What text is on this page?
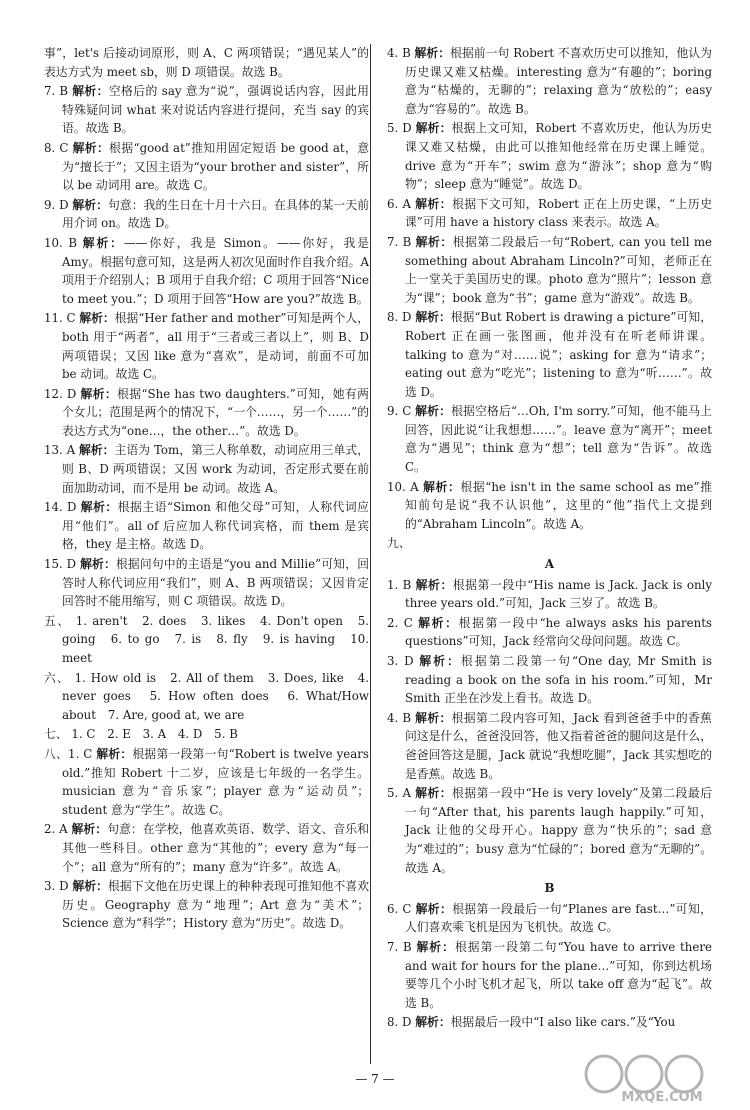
事”，let's 后接动词原形，则 A、C 两项错误；“遇见某人”的表达方式为 meet sb，则 D 项错误。故选 B。
7. B 解析：空格后的 say 意为“说”，强调说话内容，因此用特殊疑问词 what 来对说话内容进行提问，充当 say 的宾语。故选 B。
8. C 解析：根据“good at”推知用固定短语 be good at，意为“擅长于”；又因主语为“your brother and sister”，所以 be 动词用 are。故选 C。
9. D 解析：句意：我的生日在十月十六日。在具体的某一天前用介词 on。故选 D。
10. B 解析：——你好，我是 Simon。——你好，我是 Amy。根据句意可知，这是两人初次见面时作自我介绍。A 项用于介绍别人；B 项用于自我介绍；C 项用于回答“Nice to meet you.”；D 项用于回答“How are you?”故选 B。
11. C 解析：根据“Her father and mother”可知是两个人，both 用于“两者”，all 用于“三者或三者以上”，则 B、D 两项错误；又因 like 意为“喜欢”，是动词，前面不可加 be 动词。故选 C。
12. D 解析：根据“She has two daughters.”可知，她有两个女儿；范围是两个的情况下，“一个……，另一个……”的表达方式为“one…，the other…”。故选 D。
13. A 解析：主语为 Tom，第三人称单数，动词应用三单式，则 B、D 两项错误；又因 work 为动词，否定形式要在前面加助动词，而不是用 be 动词。故选 A。
14. D 解析：根据主语“Simon 和他父母”可知，人称代词应用“他们”。all of 后应加人称代词宾格，而 them 是宾格，they 是主格。故选 D。
15. D 解析：根据问句中的主语是“you and Millie”可知，回答时人称代词应用“我们”，则 A、B 两项错误；又因肯定回答时不能用缩写，则 C 项错误。故选 D。
五、 1. aren't　2. does　3. likes　4. Don't open　5. going　6. to go　7. is　8. fly　9. is having　10. meet
六、 1. How old is　2. All of them　3. Does, like　4. never goes　5. How often does　6. What/How about　7. Are, good at, we are
七、 1. C　2. E　3. A　4. D　5. B
八、1. C 解析：根据第一段第一句“Robert is twelve years old.”推知 Robert 十二岁，应该是七年级的一名学生。musician 意为“音乐家”；player 意为“运动员”；student 意为“学生”。故选 C。
2. A 解析：句意：在学校，他喜欢英语、数学、语文、音乐和其他一些科目。other 意为“其他的”；every 意为“每一个”；all 意为“所有的”；many 意为“许多”。故选 A。
3. D 解析：根据下文他在历史课上的种种表现可推知他不喜欢历史。Geography 意为“地理”；Art 意为“美术”；Science 意为“科学”；History 意为“历史”。故选 D。
4. B 解析：根据前一句 Robert 不喜欢历史可以推知，他认为历史课又难又枯燥。interesting 意为“有趣的”；boring 意为“枯燥的，无聊的”；relaxing 意为“放松的”；easy 意为“容易的”。故选 B。
5. D 解析：根据上文可知，Robert 不喜欢历史，他认为历史课又难又枯燥，由此可以推知他经常在历史课上睡觉。drive 意为“开车”；swim 意为“游泳”；shop 意为“购物”；sleep 意为“睡觉”。故选 D。
6. A 解析：根据下文可知，Robert 正在上历史课，“上历史课”可用 have a history class 来表示。故选 A。
7. B 解析：根据第二段最后一句“Robert, can you tell me something about Abraham Lincoln?”可知，老师正在上一堂关于美国历史的课。photo 意为“照片”；lesson 意为“课”；book 意为“书”；game 意为“游戏”。故选 B。
8. D 解析：根据“But Robert is drawing a picture”可知，Robert 正在画一张图画，他并没有在听老师讲课。talking to 意为“对……说”；asking for 意为“请求”；eating out 意为“吃光”；listening to 意为“听……”。故选 D。
9. C 解析：根据空格后“…Oh, I'm sorry.”可知，他不能马上回答，因此说“让我想想……”。leave 意为“离开”；meet 意为“遇见”；think 意为“想”；tell 意为“告诉”。故选 C。
10. A 解析：根据“he isn't in the same school as me”推知前句是说“我不认识他”，这里的“他”指代上文提到的“Abraham Lincoln”。故选 A。
九、
A
1. B 解析：根据第一段中“His name is Jack. Jack is only three years old.”可知，Jack 三岁了。故选 B。
2. C 解析：根据第一段中“he always asks his parents questions”可知，Jack 经常向父母问问题。故选 C。
3. D 解析：根据第二段第一句“One day, Mr Smith is reading a book on the sofa in his room.”可知，Mr Smith 正坐在沙发上看书。故选 D。
4. B 解析：根据第二段内容可知，Jack 看到爸爸手中的香蕉问这是什么，爸爸没回答，他又指着爸爸的腿问这是什么，爸爸回答这是腿，Jack 就说“我想吃腿”，Jack 其实想吃的是香蕉。故选 B。
5. A 解析：根据第一段中“He is very lovely”及第二段最后一句“After that, his parents laugh happily.”可知，Jack 让他的父母开心。happy 意为“快乐的”；sad 意为“难过的”；busy 意为“忙碌的”；bored 意为“无聊的”。故选 A。
B
6. C 解析：根据第一段最后一句“Planes are fast…”可知，人们喜欢乘飞机是因为飞机快。故选 C。
7. B 解析：根据第一段第二句“You have to arrive there and wait for hours for the plane…”可知，你到达机场要等几个小时飞机才起飞，所以 take off 意为“起飞”。故选 B。
8. D 解析：根据最后一段中“I also like cars.”及“You
— 7 —
MXQE.COM
